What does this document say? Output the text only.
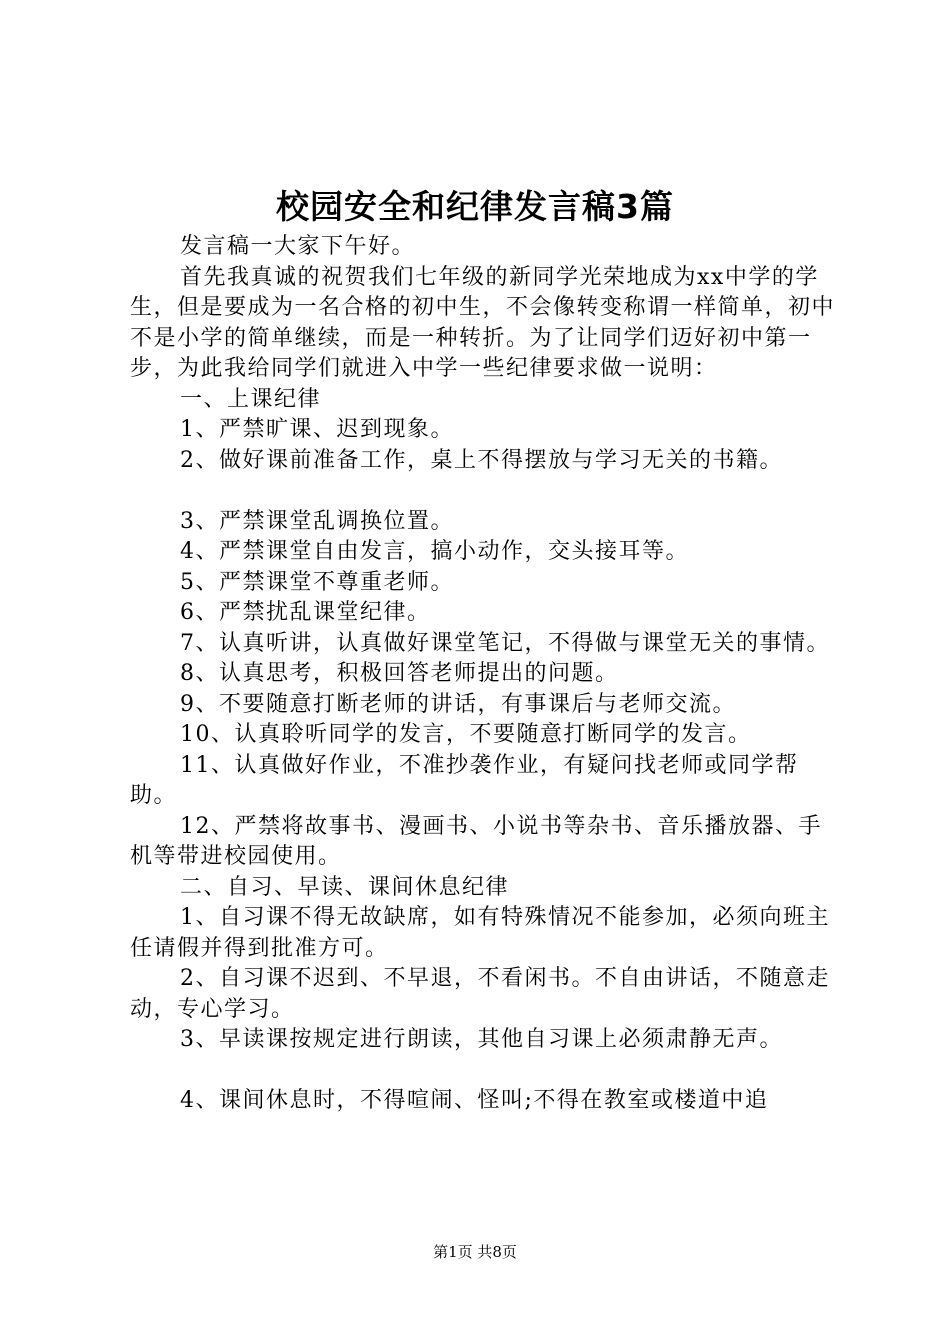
校园安全和纪律发言稿3篇

发言稿一大家下午好。

首先我真诚的祝贺我们七年级的新同学光荣地成为xx中学的学生，但是要成为一名合格的初中生，不会像转变称谓一样简单，初中不是小学的简单继续，而是一种转折。为了让同学们迈好初中第一步，为此我给同学们就进入中学一些纪律要求做一说明：

一、上课纪律

1、严禁旷课、迟到现象。

2、做好课前准备工作，桌上不得摆放与学习无关的书籍。

3、严禁课堂乱调换位置。

4、严禁课堂自由发言，搞小动作，交头接耳等。

5、严禁课堂不尊重老师。

6、严禁扰乱课堂纪律。

7、认真听讲，认真做好课堂笔记，不得做与课堂无关的事情。

8、认真思考，积极回答老师提出的问题。

9、不要随意打断老师的讲话，有事课后与老师交流。

10、认真聆听同学的发言，不要随意打断同学的发言。

11、认真做好作业，不准抄袭作业，有疑问找老师或同学帮助。

12、严禁将故事书、漫画书、小说书等杂书、音乐播放器、手机等带进校园使用。

二、自习、早读、课间休息纪律

1、自习课不得无故缺席，如有特殊情况不能参加，必须向班主任请假并得到批准方可。

2、自习课不迟到、不早退，不看闲书。不自由讲话，不随意走动，专心学习。

3、早读课按规定进行朗读，其他自习课上必须肃静无声。

4、课间休息时，不得喧闹、怪叫;不得在教室或楼道中追

第1页 共8页
